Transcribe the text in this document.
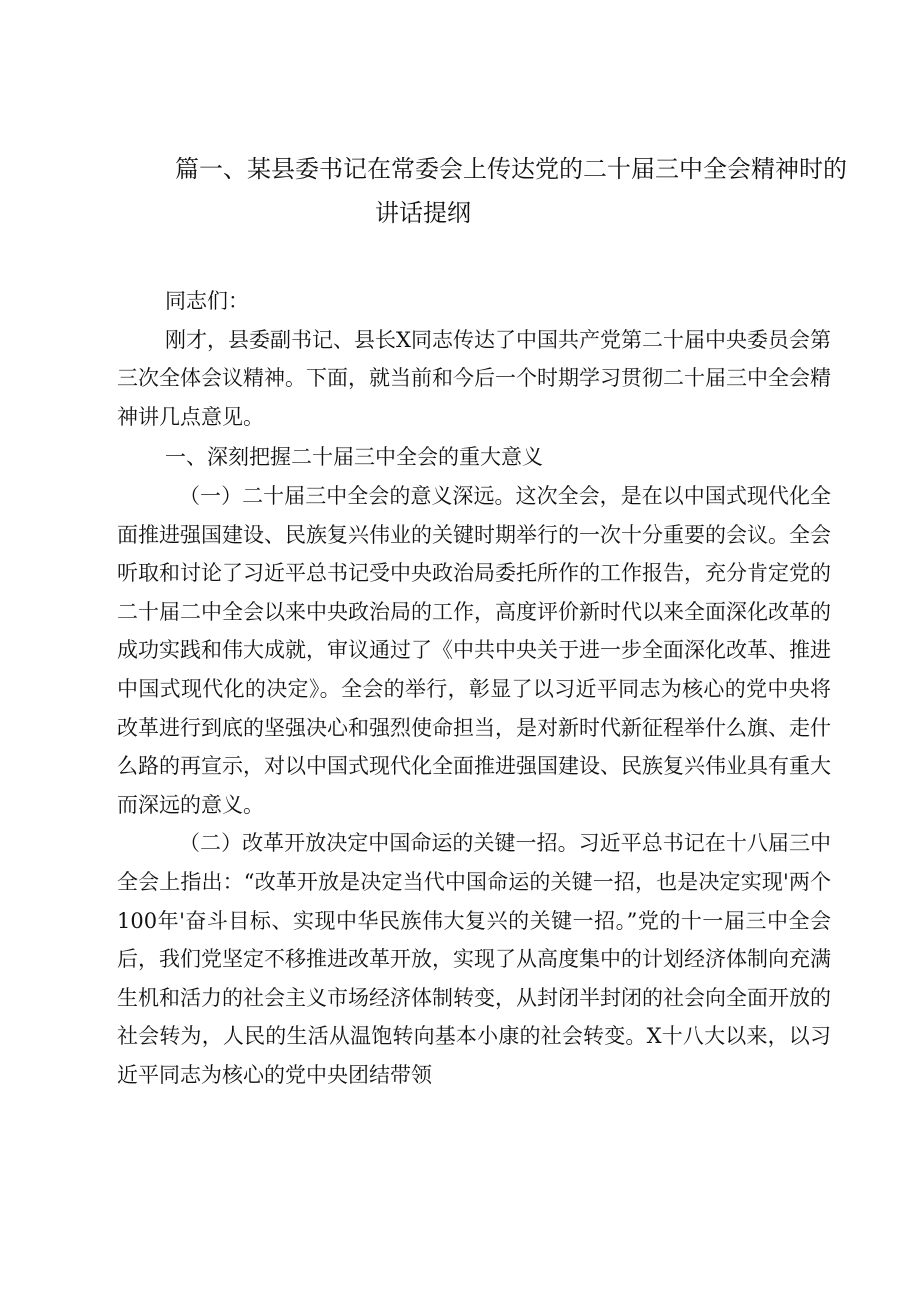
篇一、某县委书记在常委会上传达党的二十届三中全会精神时的
讲话提纲

同志们：

刚才，县委副书记、县长X同志传达了中国共产党第二十届中央委员会第三次全体会议精神。下面，就当前和今后一个时期学习贯彻二十届三中全会精神讲几点意见。

一、深刻把握二十届三中全会的重大意义

（一）二十届三中全会的意义深远。这次全会，是在以中国式现代化全面推进强国建设、民族复兴伟业的关键时期举行的一次十分重要的会议。全会听取和讨论了习近平总书记受中央政治局委托所作的工作报告，充分肯定党的二十届二中全会以来中央政治局的工作，高度评价新时代以来全面深化改革的成功实践和伟大成就，审议通过了《中共中央关于进一步全面深化改革、推进中国式现代化的决定》。全会的举行，彰显了以习近平同志为核心的党中央将改革进行到底的坚强决心和强烈使命担当，是对新时代新征程举什么旗、走什么路的再宣示，对以中国式现代化全面推进强国建设、民族复兴伟业具有重大而深远的意义。

（二）改革开放决定中国命运的关键一招。习近平总书记在十八届三中全会上指出：“改革开放是决定当代中国命运的关键一招，也是决定实现'两个100年'奋斗目标、实现中华民族伟大复兴的关键一招。”党的十一届三中全会后，我们党坚定不移推进改革开放，实现了从高度集中的计划经济体制向充满生机和活力的社会主义市场经济体制转变，从封闭半封闭的社会向全面开放的社会转为，人民的生活从温饱转向基本小康的社会转变。X十八大以来，以习近平同志为核心的党中央团结带领
